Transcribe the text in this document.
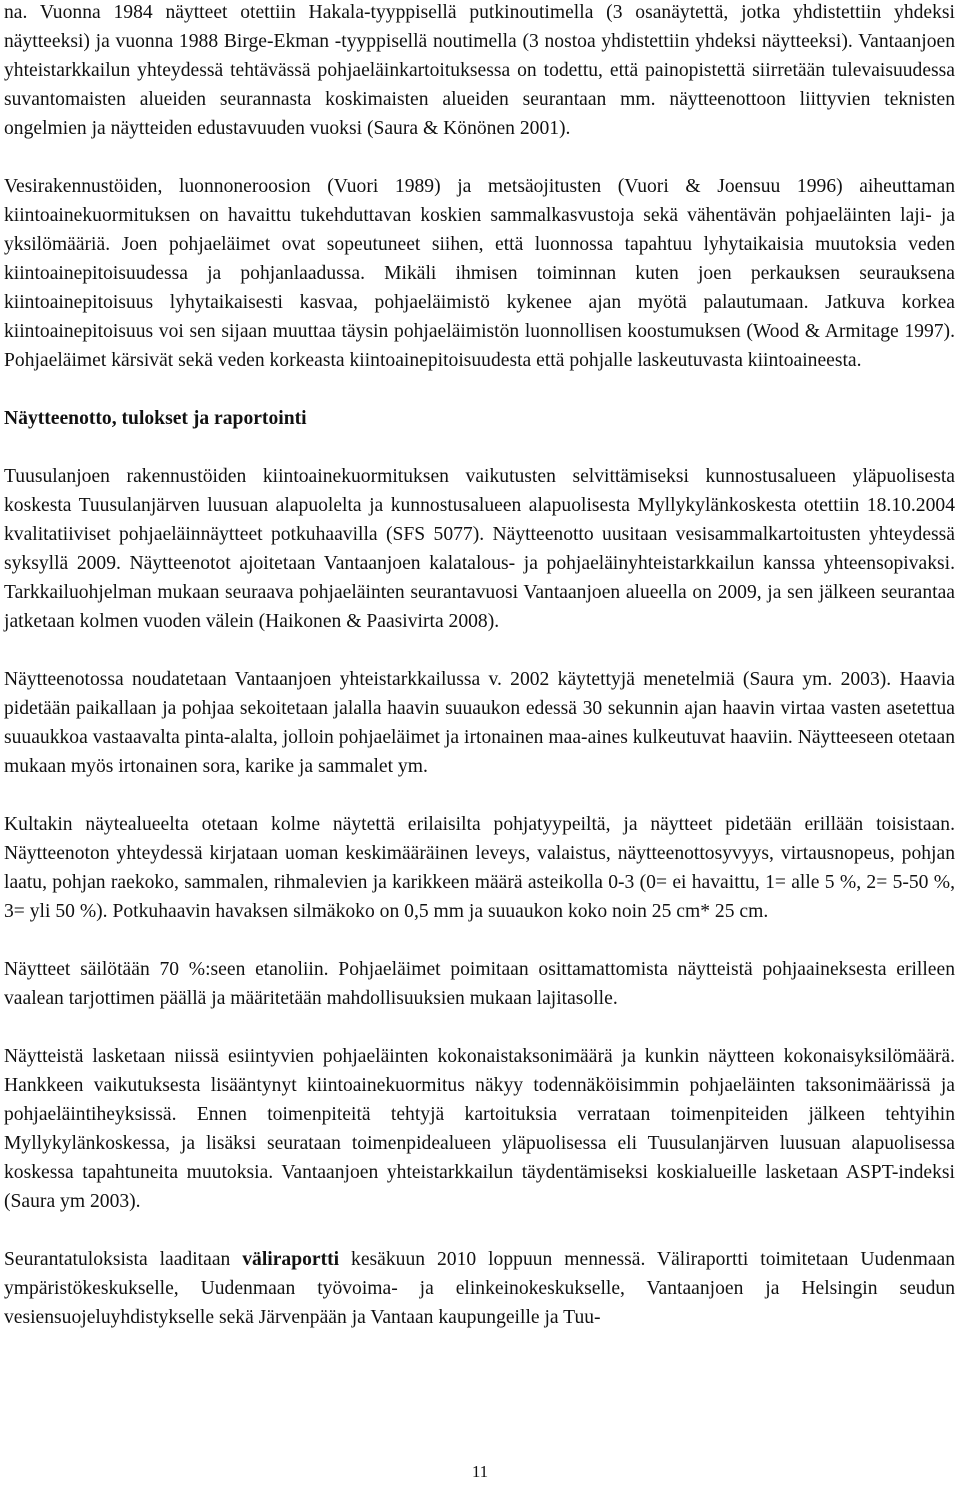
na. Vuonna 1984 näytteet otettiin Hakala-tyyppisellä putkinoutimella (3 osanäytettä, jotka yhdistettiin yhdeksi näytteeksi) ja vuonna 1988 Birge-Ekman -tyyppisellä noutimella (3 nostoa yhdistettiin yhdeksi näytteeksi). Vantaanjoen yhteistarkkailun yhteydessä tehtävässä pohjaeläinkartoituksessa on todettu, että painopistettä siirretään tulevaisuudessa suvantomaisten alueiden seurannasta koskimaisten alueiden seurantaan mm. näytteenottoon liittyvien teknisten ongelmien ja näytteiden edustavuuden vuoksi (Saura & Könönen 2001).

Vesirakennustöiden, luonnoneroosion (Vuori 1989) ja metsäojitusten (Vuori & Joensuu 1996) aiheuttaman kiintoainekuormituksen on havaittu tukehduttavan koskien sammalkasvustoja sekä vähentävän pohjaeläinten laji- ja yksilömääriä. Joen pohjaeläimet ovat sopeutuneet siihen, että luonnossa tapahtuu lyhytaikaisia muutoksia veden kiintoainepitoisuudessa ja pohjanlaadussa. Mikäli ihmisen toiminnan kuten joen perkauksen seurauksena kiintoainepitoisuus lyhytaikaisesti kasvaa, pohjaeläimistö kykenee ajan myötä palautumaan. Jatkuva korkea kiintoainepitoisuus voi sen sijaan muuttaa täysin pohjaeläimistön luonnollisen koostumuksen (Wood & Armitage 1997). Pohjaeläimet kärsivät sekä veden korkeasta kiintoainepitoisuudesta että pohjalle laskeutuvasta kiintoaineesta.

Näytteenotto, tulokset ja raportointi

Tuusulanjoen rakennustöiden kiintoainekuormituksen vaikutusten selvittämiseksi kunnostusalueen yläpuolisesta koskesta Tuusulanjärven luusuan alapuolelta ja kunnostusalueen alapuolisesta Myllykylänkoskesta otettiin 18.10.2004 kvalitatiiviset pohjaeläinnäytteet potkuhaavilla (SFS 5077). Näytteenotto uusitaan vesisammalkartoitusten yhteydessä syksyllä 2009. Näytteenotot ajoitetaan Vantaanjoen kalatalous- ja pohjaeläinyhteistarkkailun kanssa yhteensopivaksi. Tarkkailuohjelman mukaan seuraava pohjaeläinten seurantavuosi Vantaanjoen alueella on 2009, ja sen jälkeen seurantaa jatketaan kolmen vuoden välein (Haikonen & Paasivirta 2008).

Näytteenotossa noudatetaan Vantaanjoen yhteistarkkailussa v. 2002 käytettyjä menetelmiä (Saura ym. 2003). Haavia pidetään paikallaan ja pohjaa sekoitetaan jalalla haavin suuaukon edessä 30 sekunnin ajan haavin virtaa vasten asetettua suuaukkoa vastaavalta pinta-alalta, jolloin pohjaeläimet ja irtonainen maa-aines kulkeutuvat haaviin. Näytteeseen otetaan mukaan myös irtonainen sora, karike ja sammalet ym.

Kultakin näytealueelta otetaan kolme näytettä erilaisilta pohjatyypeiltä, ja näytteet pidetään erillään toisistaan. Näytteenoton yhteydessä kirjataan uoman keskimääräinen leveys, valaistus, näytteenottosyvyys, virtausnopeus, pohjan laatu, pohjan raekoko, sammalen, rihmalevien ja karikkeen määrä asteikolla 0-3 (0= ei havaittu, 1= alle 5 %, 2= 5-50 %, 3= yli 50 %). Potkuhaavin havaksen silmäkoko on 0,5 mm ja suuaukon koko noin 25 cm* 25 cm.

Näytteet säilötään 70 %:seen etanoliin. Pohjaeläimet poimitaan osittamattomista näytteistä pohjaaineksesta erilleen vaalean tarjottimen päällä ja määritetään mahdollisuuksien mukaan lajitasolle.

Näytteistä lasketaan niissä esiintyvien pohjaeläinten kokonaistaksonimäärä ja kunkin näytteen kokonaisyksilömäärä. Hankkeen vaikutuksesta lisääntynyt kiintoainekuormitus näkyy todennäköisimmin pohjaeläinten taksonimäärissä ja pohjaeläintiheyksissä. Ennen toimenpiteitä tehtyjä kartoituksia verrataan toimenpiteiden jälkeen tehtyihin Myllykylänkoskessa, ja lisäksi seurataan toimenpidealueen yläpuolisessa eli Tuusulanjärven luusuan alapuolisessa koskessa tapahtuneita muutoksia. Vantaanjoen yhteistarkkailun täydentämiseksi koskialueille lasketaan ASPT-indeksi (Saura ym 2003).

Seurantatuloksista laaditaan väliraportti kesäkuun 2010 loppuun mennessä. Väliraportti toimitetaan Uudenmaan ympäristökeskukselle, Uudenmaan työvoima- ja elinkeinokeskukselle, Vantaanjoen ja Helsingin seudun vesiensuojeluyhdistykselle sekä Järvenpään ja Vantaan kaupungeille ja Tuu-

11
